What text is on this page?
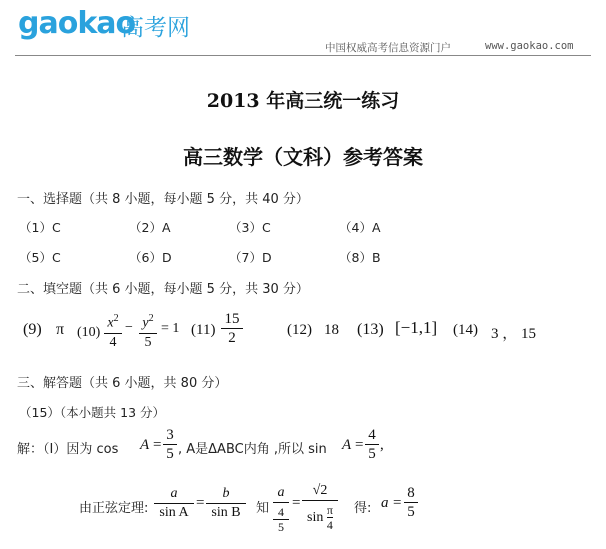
gaokao
高考网
中国权威高考信息资源门户	www.gaokao.com
2013 年高三统一练习
高三数学（文科）参考答案
一、选择题（共 8 小题，每小题 5 分，共 40 分）
（1）C	（2）A	（3）C	（4）A
（5）C	（6）D	（7）D	（8）B
二、填空题（共 6 小题，每小题 5 分，共 30 分）
(9) π $(10) \frac{x^2}{4} - \frac{y^2}{5} = 1$ $(11) \frac{15}{2}$	(12) 18 (13) [−1,1] (14) 3 ， 15
三、解答题（共 6 小题，共 80 分）
（15）（本小题共 13 分）
解：（Ⅰ）因为 $\cos A = \frac{3}{5}$ , A是ΔABC内角 ,所以 $\sin A = \frac{4}{5}$ ,
由正弦定理: $\frac{a}{\text{sin A}} = \frac{b}{\text{sin B}}$ 知 a
4
$5 = \frac{√2}{\sin \frac{\pi}{4}}$ 得: $a = \frac{8}{5}$
